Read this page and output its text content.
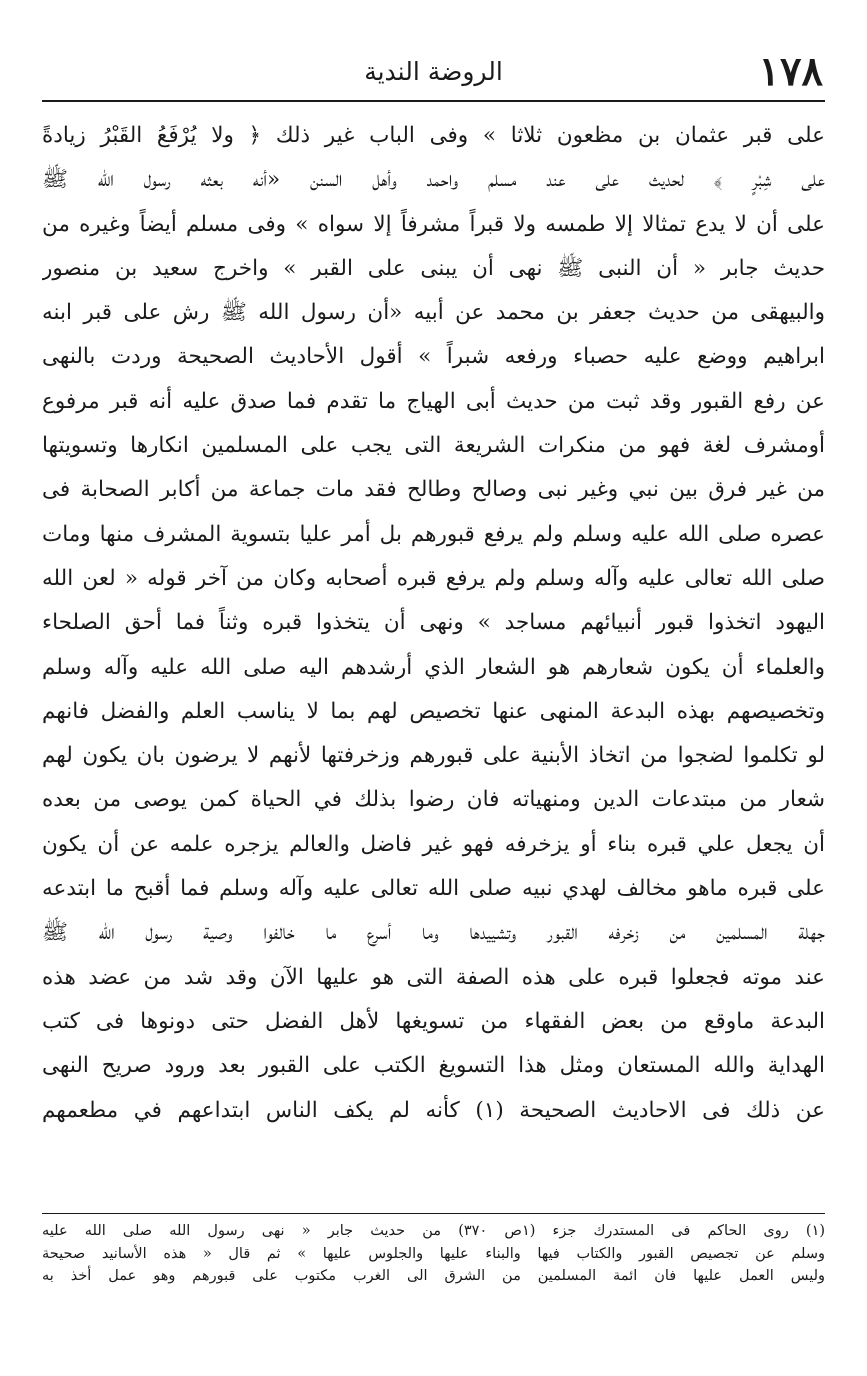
١٧٨
الروضة الندية
على قبر عثمان بن مظعون ثلاثا » وفى الباب غير ذلك ﴿ ولا يُرْفَعُ القَبْرُ زيادةً
على شِبْرٍ ﴾ لحديث على عند مسلم واحمد وأهل السنن «أنه بعثه رسول الله ﷺ
على أن لا يدع تمثالا إلا طمسه ولا قبراً مشرفاً إلا سواه » وفى مسلم أيضاً وغيره من
حديث جابر « أن النبى ﷺ نهى أن يبنى على القبر » واخرج سعيد بن منصور
والبيهقى من حديث جعفر بن محمد عن أبيه «أن رسول الله ﷺ رش على قبر ابنه
ابراهيم ووضع عليه حصباء ورفعه شبراً » أقول الأحاديث الصحيحة وردت بالنهى
عن رفع القبور وقد ثبت من حديث أبى الهياج ما تقدم فما صدق عليه أنه قبر مرفوع
أومشرف لغة فهو من منكرات الشريعة التى يجب على المسلمين انكارها وتسويتها
من غير فرق بين نبي وغير نبى وصالح وطالح فقد مات جماعة من أكابر الصحابة فى
عصره صلى الله عليه وسلم ولم يرفع قبورهم بل أمر عليا بتسوية المشرف منها ومات
صلى الله تعالى عليه وآله وسلم ولم يرفع قبره أصحابه وكان من آخر قوله « لعن الله
اليهود اتخذوا قبور أنبيائهم مساجد » ونهى أن يتخذوا قبره وثناً فما أحق الصلحاء
والعلماء أن يكون شعارهم هو الشعار الذي أرشدهم اليه صلى الله عليه وآله وسلم
وتخصيصهم بهذه البدعة المنهى عنها تخصيص لهم بما لا يناسب العلم والفضل فانهم
لو تكلموا لضجوا من اتخاذ الأبنية على قبورهم وزخرفتها لأنهم لا يرضون بان يكون لهم
شعار من مبتدعات الدين ومنهياته فان رضوا بذلك في الحياة كمن يوصى من بعده
أن يجعل علي قبره بناء أو يزخرفه فهو غير فاضل والعالم يزجره علمه عن أن يكون
على قبره ماهو مخالف لهدي نبيه صلى الله تعالى عليه وآله وسلم فما أقبح ما ابتدعه
جهلة المسلمين من زخرفه القبور وتشييدها وما أسرع ما خالفوا وصية رسول الله ﷺ
عند موته فجعلوا قبره على هذه الصفة التى هو عليها الآن وقد شد من عضد هذه
البدعة ماوقع من بعض الفقهاء من تسويغها لأهل الفضل حتى دونوها فى كتب
الهداية والله المستعان ومثل هذا التسويغ الكتب على القبور بعد ورود صريح النهى
عن ذلك فى الاحاديث الصحيحة (١) كأنه لم يكف الناس ابتداعهم في مطعمهم
(١) روى الحاكم فى المستدرك جزء (١ص ٣٧٠) من حديث جابر « نهى رسول الله صلى الله عليه
وسلم عن تجصيص القبور والكتاب فيها والبناء عليها والجلوس عليها » ثم قال « هذه الأسانيد صحيحة
وليس العمل عليها فان ائمة المسلمين من الشرق الى الغرب مكتوب على قبورهم وهو عمل أخذ به
